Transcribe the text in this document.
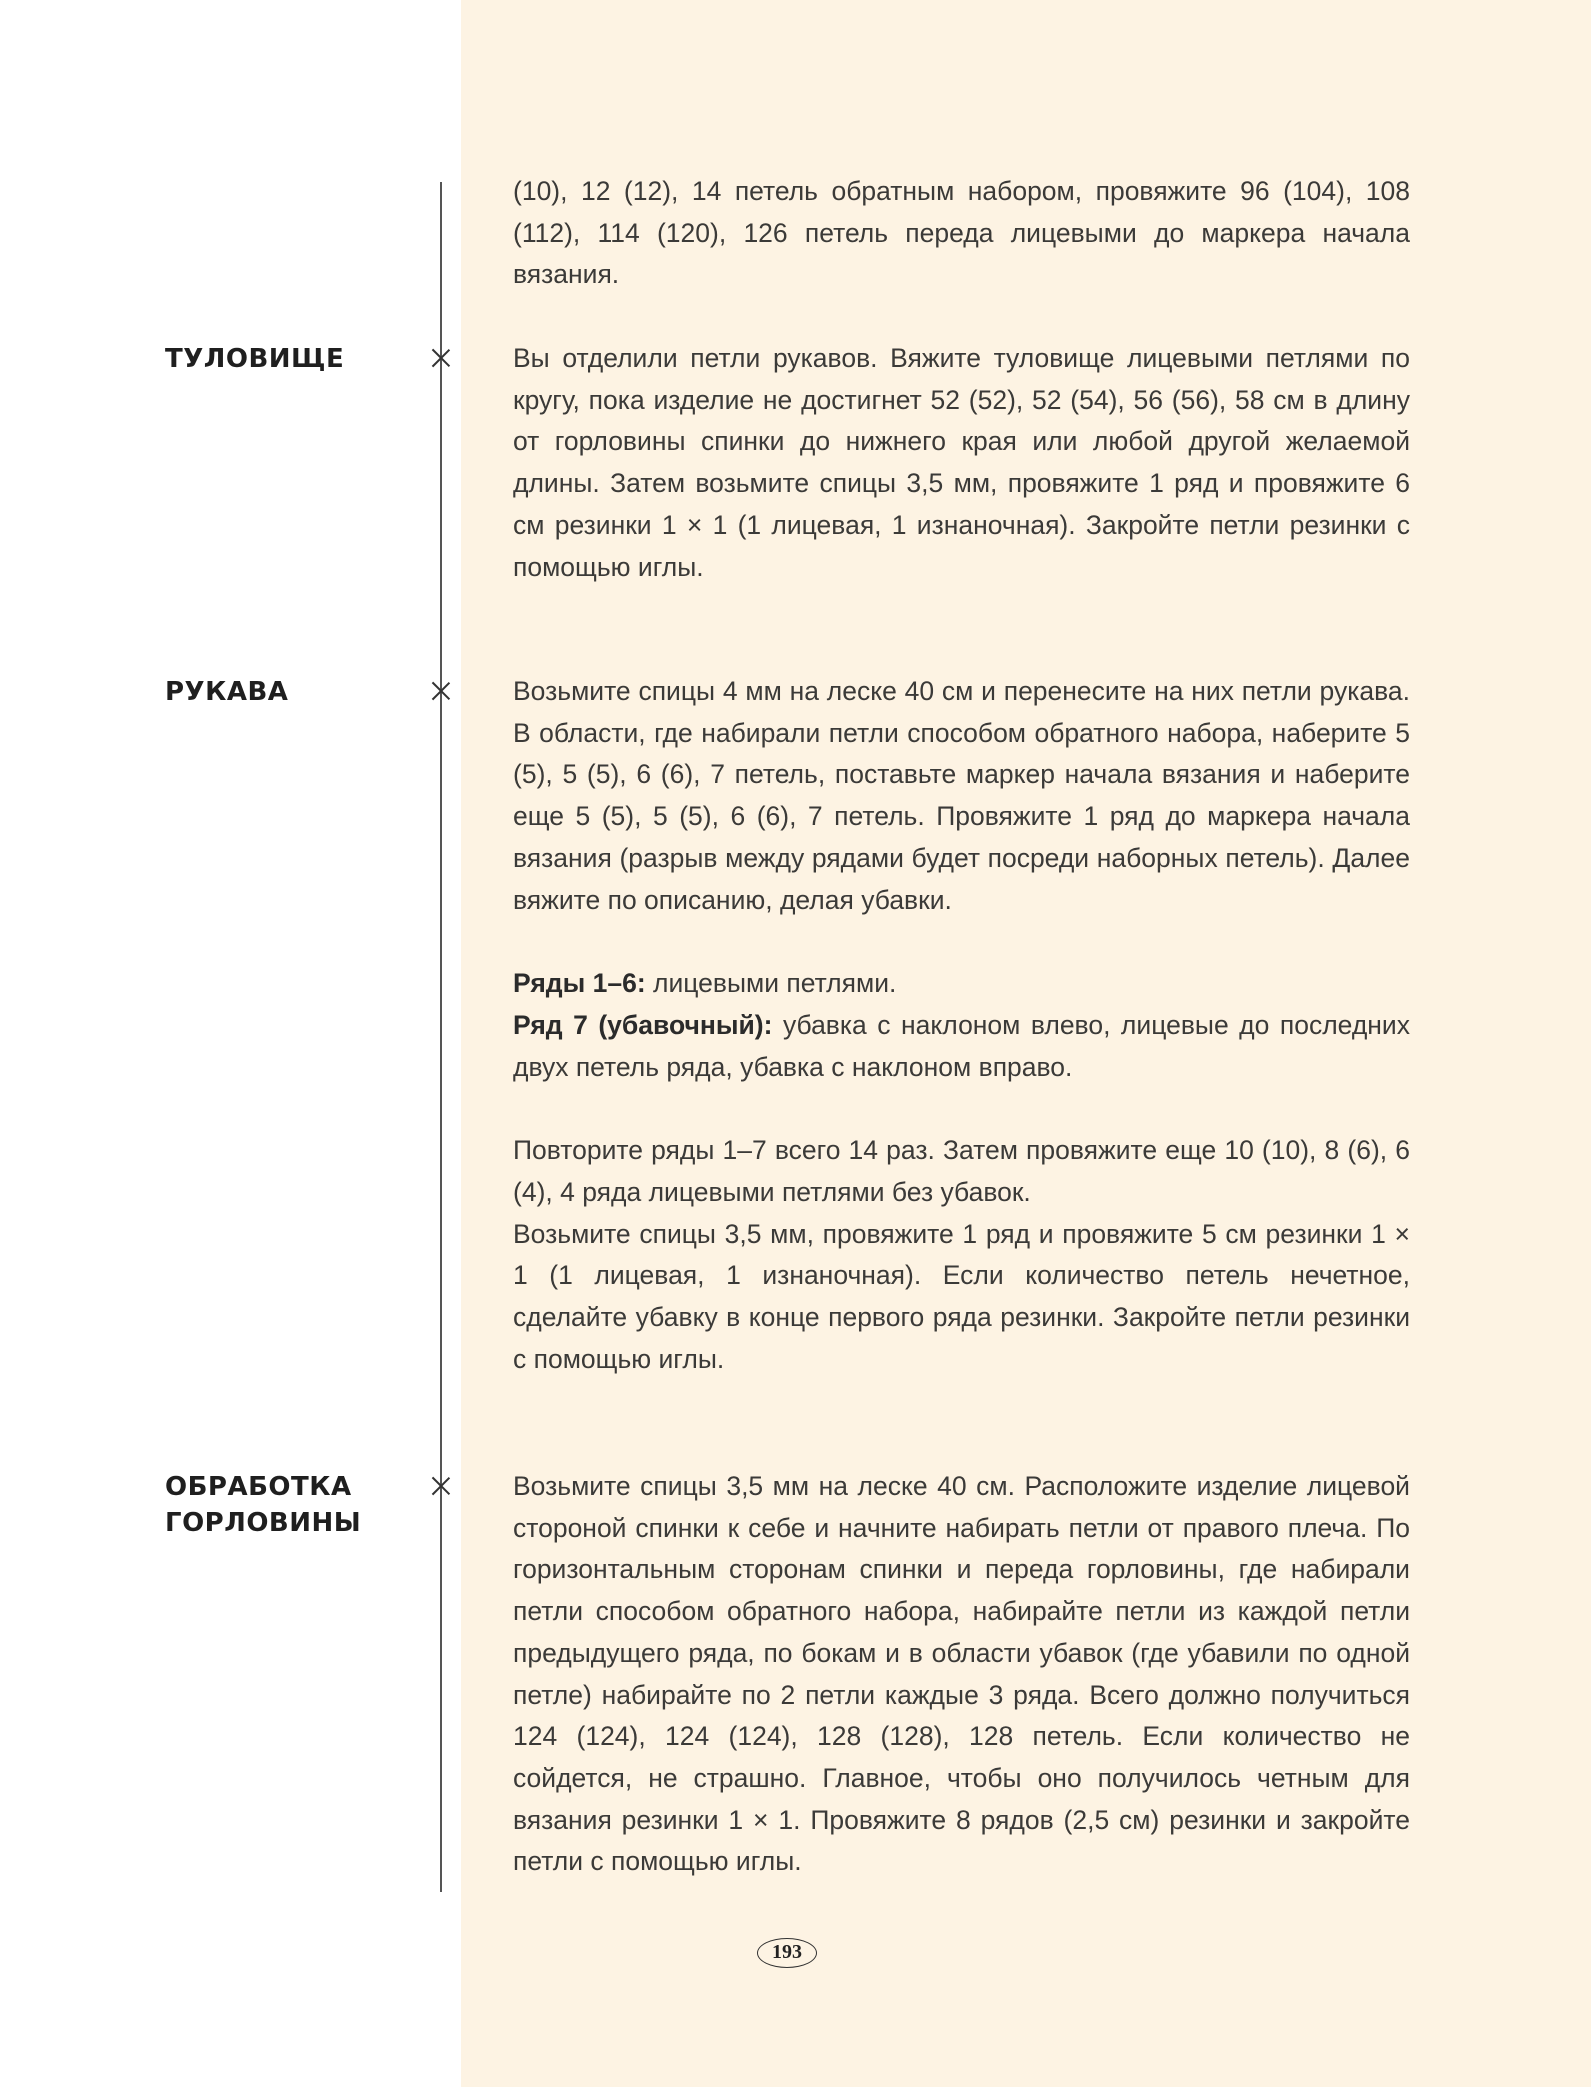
(10), 12 (12), 14 петель обратным набором, провяжите 96 (104), 108 (112), 114 (120), 126 петель переда лицевыми до маркера начала вязания.

ТУЛОВИЩЕ	Вы отделили петли рукавов. Вяжите туловище лицевыми петлями по кругу, пока изделие не достигнет 52 (52), 52 (54), 56 (56), 58 см в длину от горловины спинки до нижнего края или любой другой желаемой длины. Затем возьмите спицы 3,5 мм, провяжите 1 ряд и провяжите 6 см резинки 1 × 1 (1 лицевая, 1 изнаночная). Закройте петли резинки с помощью иглы.

РУКАВА	Возьмите спицы 4 мм на леске 40 см и перенесите на них петли рукава. В области, где набирали петли способом обратного набора, наберите 5 (5), 5 (5), 6 (6), 7 петель, поставьте маркер начала вязания и наберите еще 5 (5), 5 (5), 6 (6), 7 петель. Провяжите 1 ряд до маркера начала вязания (разрыв между рядами будет посреди наборных петель). Далее вяжите по описанию, делая убавки.

Ряды 1–6: лицевыми петлями.

Ряд 7 (убавочный): убавка с наклоном влево, лицевые до последних двух петель ряда, убавка с наклоном вправо.

Повторите ряды 1–7 всего 14 раз. Затем провяжите еще 10 (10), 8 (6), 6 (4), 4 ряда лицевыми петлями без убавок.

Возьмите спицы 3,5 мм, провяжите 1 ряд и провяжите 5 см резинки 1 × 1 (1 лицевая, 1 изнаночная). Если количество петель нечетное, сделайте убавку в конце первого ряда резинки. Закройте петли резинки с помощью иглы.

ОБРАБОТКА
ГОРЛОВИНЫ

Возьмите спицы 3,5 мм на леске 40 см. Расположите изделие лицевой стороной спинки к себе и начните набирать петли от правого плеча. По горизонтальным сторонам спинки и переда горловины, где набирали петли способом обратного набора, набирайте петли из каждой петли предыдущего ряда, по бокам и в области убавок (где убавили по одной петле) набирайте по 2 петли каждые 3 ряда. Всего должно получиться 124 (124), 124 (124), 128 (128), 128 петель. Если количество не сойдется, не страшно. Главное, чтобы оно получилось четным для вязания резинки 1 × 1. Провяжите 8 рядов (2,5 см) резинки и закройте петли с помощью иглы.

193
